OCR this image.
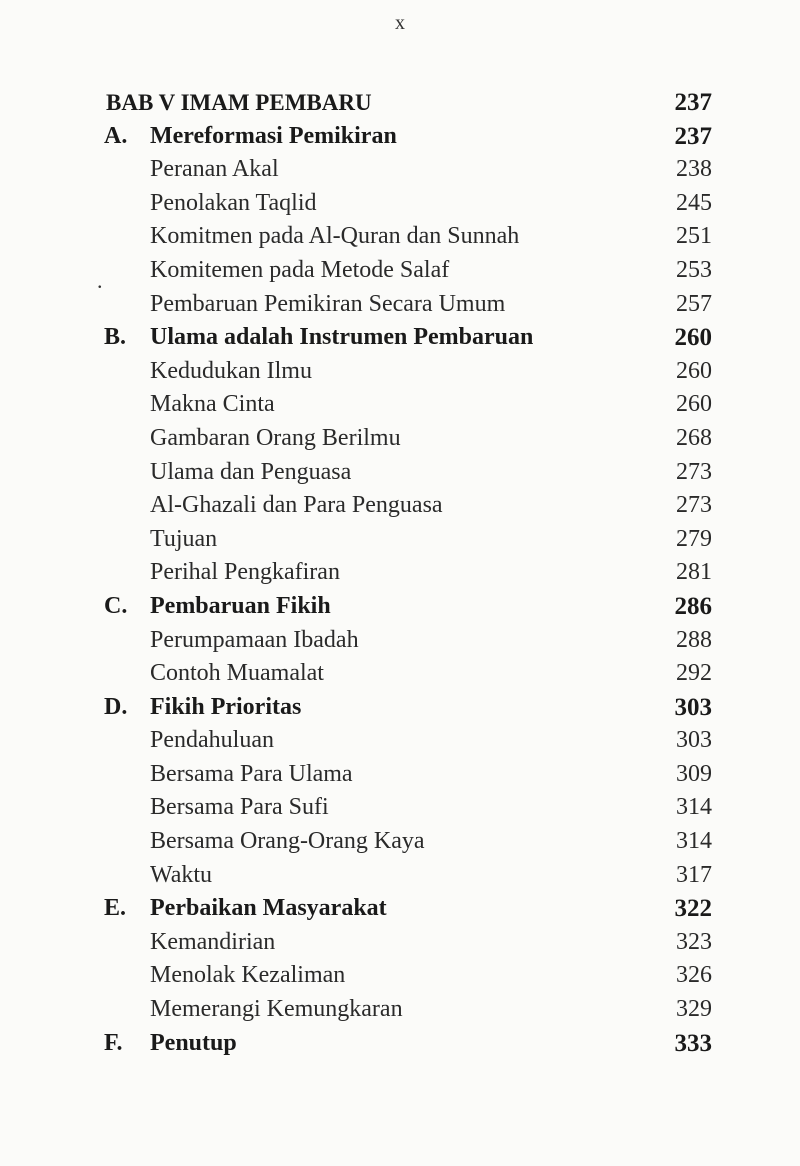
x
.
BAB V IMAM PEMBARU	237
A. Mereformasi Pemikiran	237
Peranan Akal	238
Penolakan Taqlid	245
Komitmen pada Al-Quran dan Sunnah	251
Komitemen pada Metode Salaf	253
Pembaruan Pemikiran Secara Umum	257
B. Ulama adalah Instrumen Pembaruan	260
Kedudukan Ilmu	260
Makna Cinta	260
Gambaran Orang Berilmu	268
Ulama dan Penguasa	273
Al-Ghazali dan Para Penguasa	273
Tujuan	279
Perihal Pengkafiran	281
C. Pembaruan Fikih	286
Perumpamaan Ibadah	288
Contoh Muamalat	292
D. Fikih Prioritas	303
Pendahuluan	303
Bersama Para Ulama	309
Bersama Para Sufi	314
Bersama Orang-Orang Kaya	314
Waktu	317
E. Perbaikan Masyarakat	322
Kemandirian	323
Menolak Kezaliman	326
Memerangi Kemungkaran	329
F. Penutup	333
